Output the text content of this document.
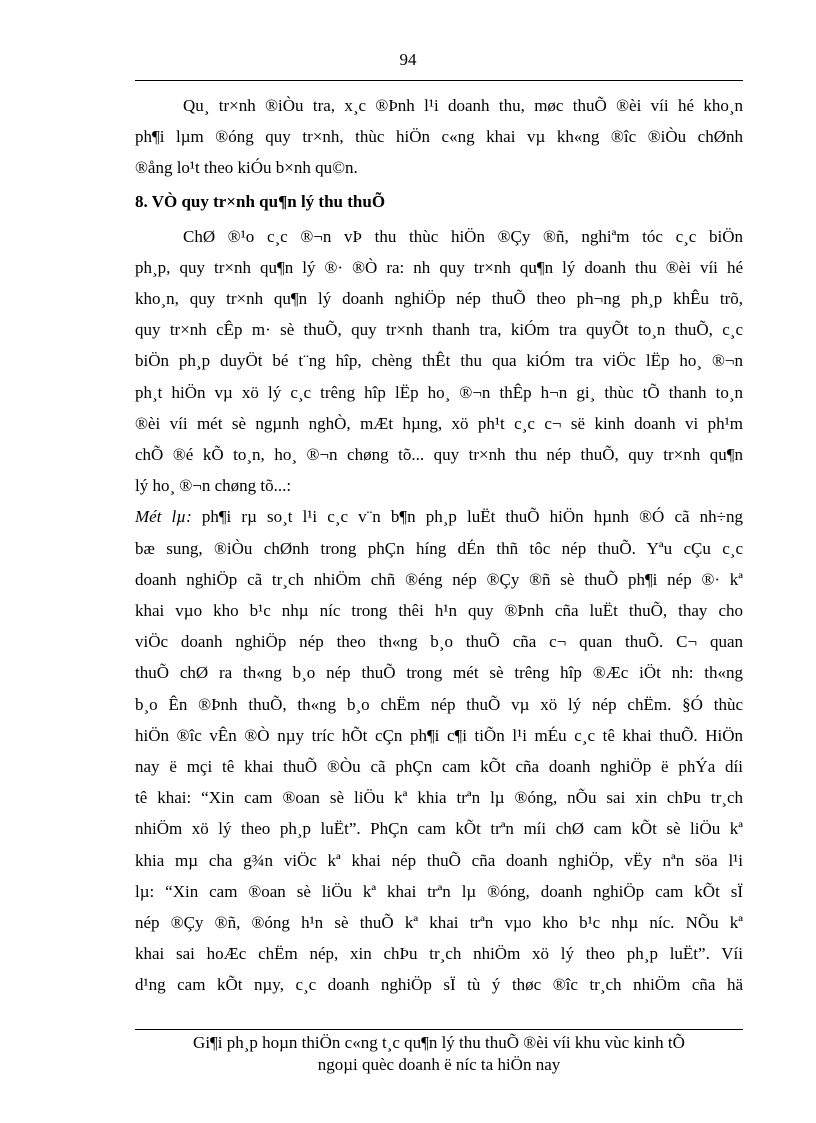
94
Qu¸ tr×nh ®iÒu tra, x¸c ®Þnh l¹i doanh thu, møc thuÕ ®èi víi hé kho¸n
ph¶i lµm ®óng quy tr×nh, thùc hiÖn c«ng khai vµ kh«ng ®îc ®iÒu chØnh
®ång lo¹t theo kiÓu b×nh qu©n.
8. VÒ quy tr×nh qu¶n lý thu thuÕ
ChØ ®¹o c¸c ®¬n vÞ thu thùc hiÖn ®Çy ®ñ, nghiªm tóc c¸c biÖn
ph¸p, quy tr×nh qu¶n lý ®· ®Ò ra: nh quy tr×nh qu¶n lý doanh thu ®èi víi hé
kho¸n, quy tr×nh qu¶n lý doanh nghiÖp nép thuÕ theo ph¬ng ph¸p khÊu trõ,
quy tr×nh cÊp m· sè thuÕ, quy tr×nh thanh tra, kiÓm tra quyÕt to¸n thuÕ, c¸c
biÖn ph¸p duyÖt bé t¨ng hîp, chèng thÊt thu qua kiÓm tra viÖc lËp ho¸ ®¬n
ph¸t hiÖn vµ xö lý c¸c trêng hîp lËp ho¸ ®¬n thÊp h¬n gi¸ thùc tÕ thanh to¸n
®èi víi mét sè ngµnh nghÒ, mÆt hµng, xö ph¹t c¸c c¬ së kinh doanh vi ph¹m
chÕ ®é kÕ to¸n, ho¸ ®¬n chøng tõ... quy tr×nh thu nép thuÕ, quy tr×nh qu¶n
lý ho¸ ®¬n chøng tõ...:
Mét lµ: ph¶i rµ so¸t l¹i c¸c v¨n b¶n ph¸p luËt thuÕ hiÖn hµnh ®Ó cã nh÷ng
bæ sung, ®iÒu chØnh trong phÇn híng dÉn thñ tôc nép thuÕ. Yªu cÇu c¸c
doanh nghiÖp cã tr¸ch nhiÖm chñ ®éng nép ®Çy ®ñ sè thuÕ ph¶i nép ®· kª
khai vµo kho b¹c nhµ níc trong thêi h¹n quy ®Þnh cña luËt thuÕ, thay cho
viÖc doanh nghiÖp nép theo th«ng b¸o thuÕ cña c¬ quan thuÕ. C¬ quan
thuÕ chØ ra th«ng b¸o nép thuÕ trong mét sè trêng hîp ®Æc iÖt nh: th«ng
b¸o Ên ®Þnh thuÕ, th«ng b¸o chËm nép thuÕ vµ xö lý nép chËm. §Ó thùc
hiÖn ®îc vÊn ®Ò nµy tríc hÕt cÇn ph¶i c¶i tiÕn l¹i mÉu c¸c tê khai thuÕ. HiÖn
nay ë mçi tê khai thuÕ ®Òu cã phÇn cam kÕt cña doanh nghiÖp ë phÝa díi
tê khai: “Xin cam ®oan sè liÖu kª khia trªn lµ ®óng, nÕu sai xin chÞu tr¸ch
nhiÖm xö lý theo ph¸p luËt”. PhÇn cam kÕt trªn míi chØ cam kÕt sè liÖu kª
khia mµ cha g¾n viÖc kª khai nép thuÕ cña doanh nghiÖp, vËy nªn söa l¹i
lµ: “Xin cam ®oan sè liÖu kª khai trªn lµ ®óng, doanh nghiÖp cam kÕt sÏ
nép ®Çy ®ñ, ®óng h¹n sè thuÕ kª khai trªn vµo kho b¹c nhµ níc. NÕu kª
khai sai hoÆc chËm nép, xin chÞu tr¸ch nhiÖm xö lý theo ph¸p luËt”. Víi
d¹ng cam kÕt nµy, c¸c doanh nghiÖp sÏ tù ý thøc ®îc tr¸ch nhiÖm cña hä
Gi¶i ph¸p hoµn thiÖn c«ng t¸c qu¶n lý thu thuÕ ®èi víi khu vùc kinh tÕ
ngoµi quèc doanh ë níc ta hiÖn nay
